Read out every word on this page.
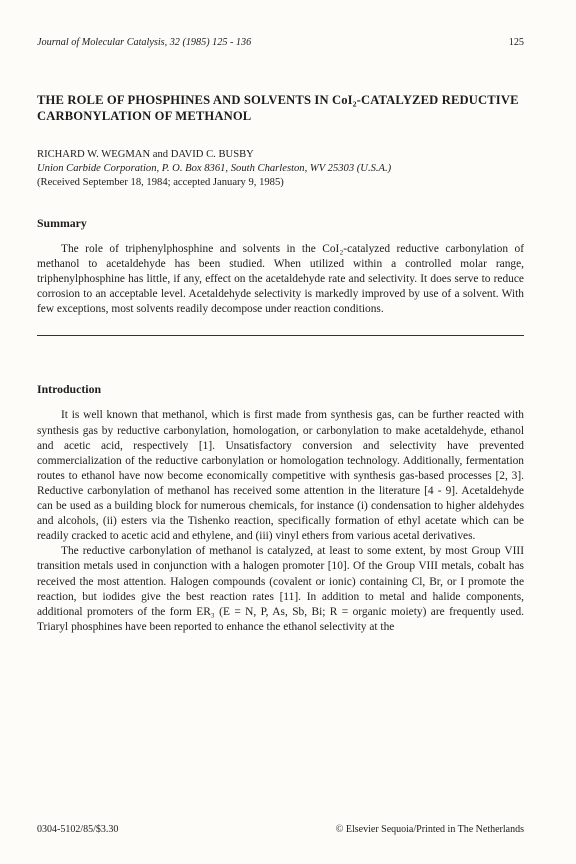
Journal of Molecular Catalysis, 32 (1985) 125 - 136	125
THE ROLE OF PHOSPHINES AND SOLVENTS IN CoI₂-CATALYZED REDUCTIVE CARBONYLATION OF METHANOL
RICHARD W. WEGMAN and DAVID C. BUSBY
Union Carbide Corporation, P. O. Box 8361, South Charleston, WV 25303 (U.S.A.)
(Received September 18, 1984; accepted January 9, 1985)
Summary

The role of triphenylphosphine and solvents in the CoI₂-catalyzed reductive carbonylation of methanol to acetaldehyde has been studied. When utilized within a controlled molar range, triphenylphosphine has little, if any, effect on the acetaldehyde rate and selectivity. It does serve to reduce corrosion to an acceptable level. Acetaldehyde selectivity is markedly improved by use of a solvent. With few exceptions, most solvents readily decompose under reaction conditions.

Introduction

It is well known that methanol, which is first made from synthesis gas, can be further reacted with synthesis gas by reductive carbonylation, homologation, or carbonylation to make acetaldehyde, ethanol and acetic acid, respectively [1]. Unsatisfactory conversion and selectivity have prevented commercialization of the reductive carbonylation or homologation technology. Additionally, fermentation routes to ethanol have now become economically competitive with synthesis gas-based processes [2, 3]. Reductive carbonylation of methanol has received some attention in the literature [4 - 9]. Acetaldehyde can be used as a building block for numerous chemicals, for instance (i) condensation to higher aldehydes and alcohols, (ii) esters via the Tishenko reaction, specifically formation of ethyl acetate which can be readily cracked to acetic acid and ethylene, and (iii) vinyl ethers from various acetal derivatives.

The reductive carbonylation of methanol is catalyzed, at least to some extent, by most Group VIII transition metals used in conjunction with a halogen promoter [10]. Of the Group VIII metals, cobalt has received the most attention. Halogen compounds (covalent or ionic) containing Cl, Br, or I promote the reaction, but iodides give the best reaction rates [11]. In addition to metal and halide components, additional promoters of the form ER₃ (E = N, P, As, Sb, Bi; R = organic moiety) are frequently used. Triaryl phosphines have been reported to enhance the ethanol selectivity at the

0304-5102/85/$3.30	© Elsevier Sequoia/Printed in The Netherlands
